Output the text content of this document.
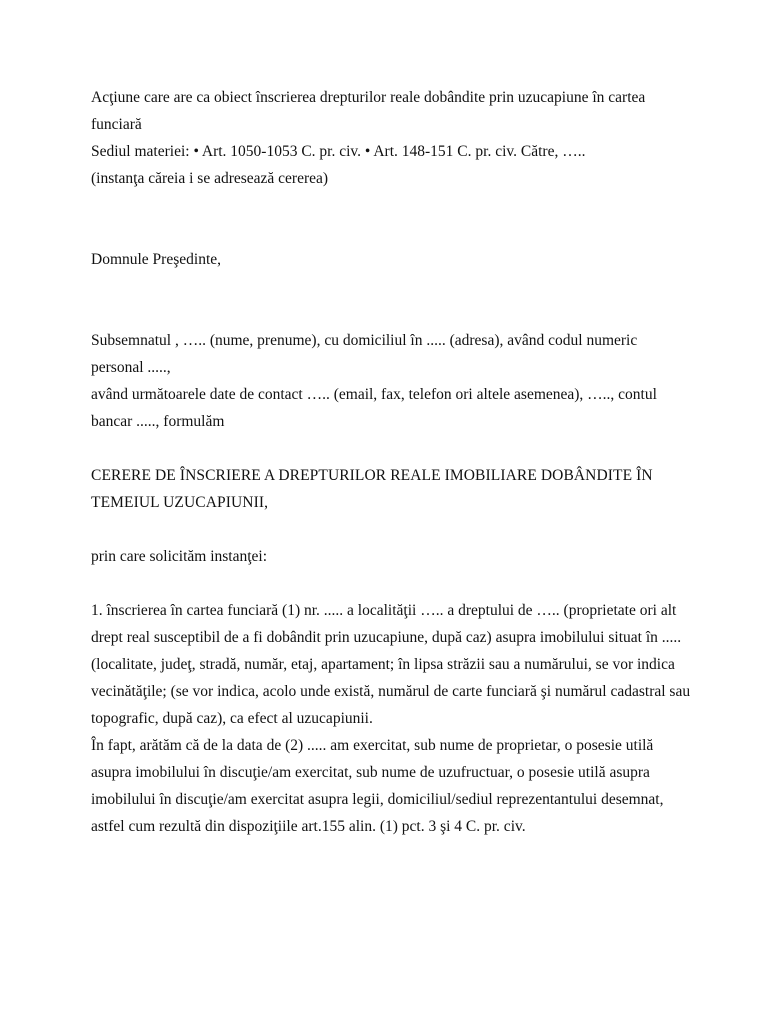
Acţiune care are ca obiect înscrierea drepturilor reale dobândite prin uzucapiune în cartea funciară

Sediul materiei: • Art. 1050-1053 C. pr. civ. • Art. 148-151 C. pr. civ. Către, …..

(instanţa căreia i se adresează cererea)

Domnule Preşedinte,

Subsemnatul , ….. (nume, prenume), cu domiciliul în ..... (adresa), având codul numeric personal .....,

având următoarele date de contact ….. (email, fax, telefon ori altele asemenea), ….., contul bancar ....., formulăm

CERERE DE ÎNSCRIERE A DREPTURILOR REALE IMOBILIARE DOBÂNDITE ÎN TEMEIUL UZUCAPIUNII,

prin care solicităm instanţei:

1. înscrierea în cartea funciară (1) nr. ..... a localităţii ….. a dreptului de ….. (proprietate ori alt drept real susceptibil de a fi dobândit prin uzucapiune, după caz) asupra imobilului situat în ..... (localitate, judeţ, stradă, număr, etaj, apartament; în lipsa străzii sau a numărului, se vor indica vecinătăţile; (se vor indica, acolo unde există, numărul de carte funciară şi numărul cadastral sau topografic, după caz), ca efect al uzucapiunii.

În fapt, arătăm că de la data de (2) ..... am exercitat, sub nume de proprietar, o posesie utilă asupra imobilului în discuţie/am exercitat, sub nume de uzufructuar, o posesie utilă asupra imobilului în discuţie/am exercitat asupra legii, domiciliul/sediul reprezentantului desemnat, astfel cum rezultă din dispoziţiile art.155 alin. (1) pct. 3 şi 4 C. pr. civ.
